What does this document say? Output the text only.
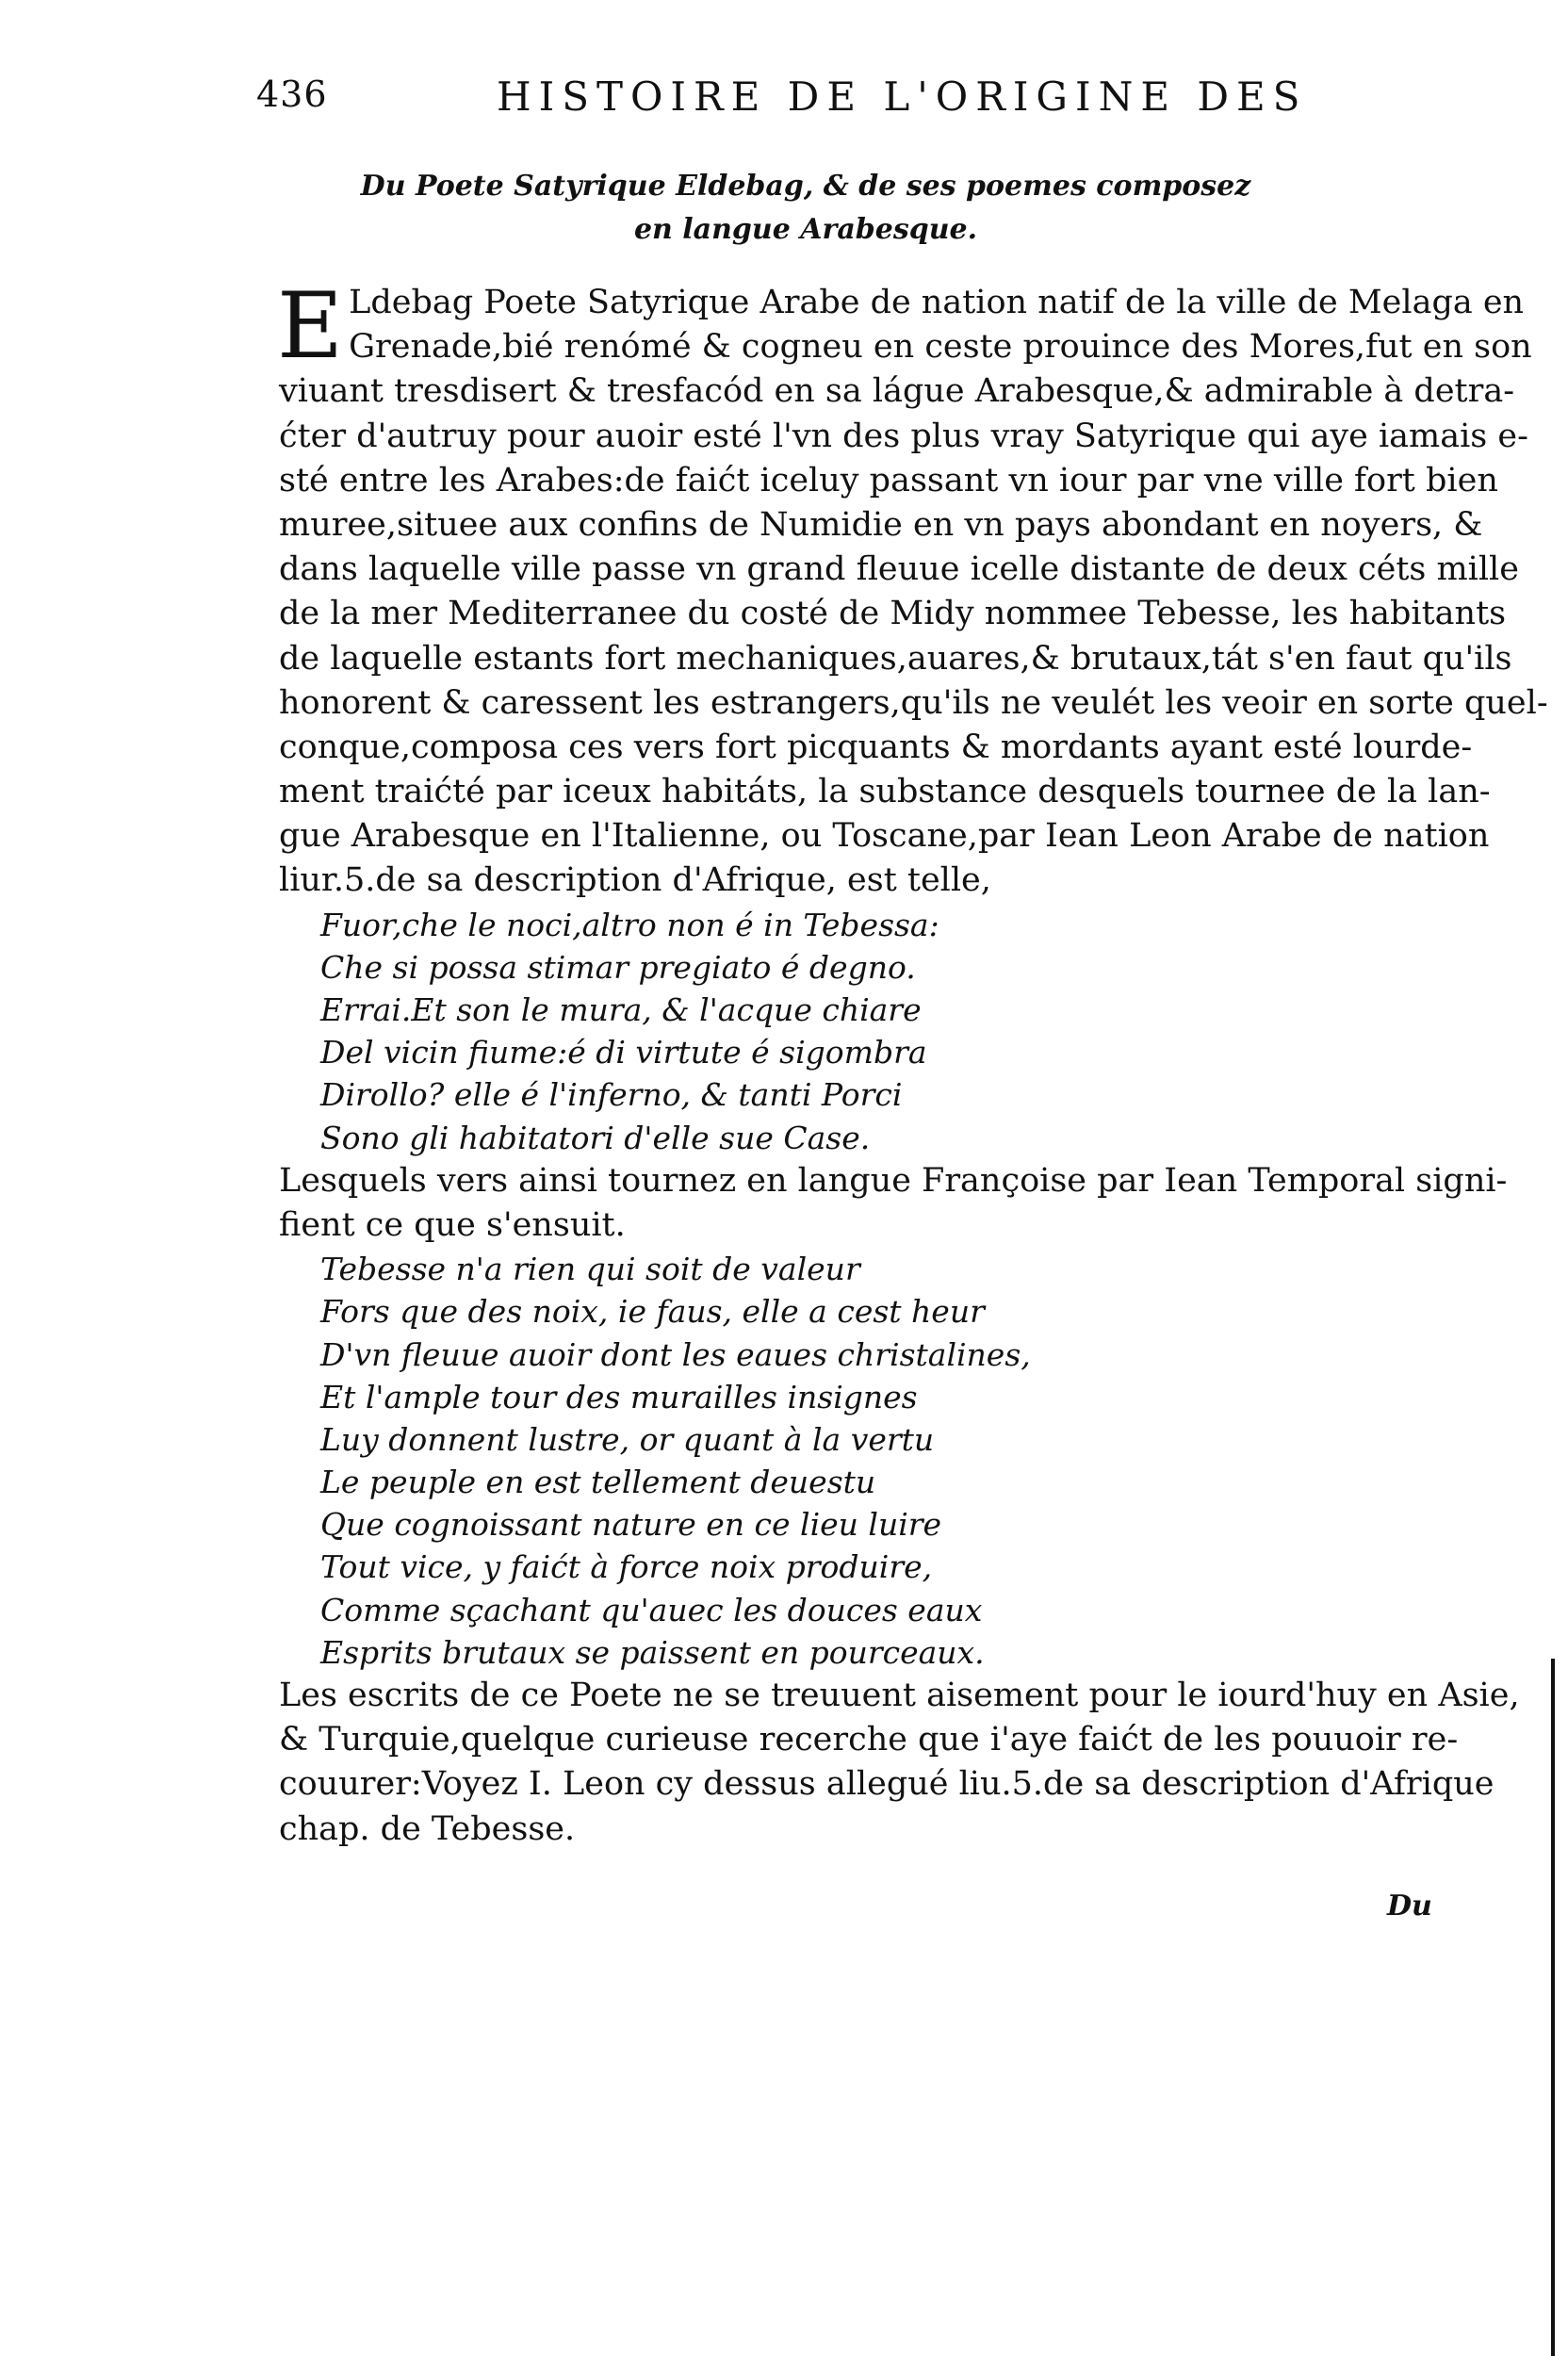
436	HISTOIRE DE L'ORIGINE DES
Du Poete Satyrique Eldebag, & de ses poemes composez
en langue Arabesque.
E Ldebag Poete Satyrique Arabe de nation natif de la ville de Melaga en
Grenade,bié renómé & cogneu en ceste prouince des Mores,fut en son
viuant tresdisert & tresfacód en sa lágue Arabesque,& admirable à detra-
ćter d'autruy pour auoir esté l'vn des plus vray Satyrique qui aye iamais e-
sté entre les Arabes:de faićt iceluy passant vn iour par vne ville fort bien
muree,situee aux confins de Numidie en vn pays abondant en noyers, &
dans laquelle ville passe vn grand fleuue icelle distante de deux céts mille
de la mer Mediterranee du costé de Midy nommee Tebesse, les habitants
de laquelle estants fort mechaniques,auares,& brutaux,tát s'en faut qu'ils
honorent & caressent les estrangers,qu'ils ne veulét les veoir en sorte quel-
conque,composa ces vers fort picquants & mordants ayant esté lourde-
ment traićté par iceux habitáts, la substance desquels tournee de la lan-
gue Arabesque en l'Italienne, ou Toscane,par Iean Leon Arabe de nation
liur.5.de sa description d'Afrique, est telle,
Fuor,che le noci,altro non é in Tebessa:
Che si possa stimar pregiato é degno.
Errai.Et son le mura, & l'acque chiare
Del vicin fiume:é di virtute é sigombra
Dirollo? elle é l'inferno, & tanti Porci
Sono gli habitatori d'elle sue Case.
Lesquels vers ainsi tournez en langue Françoise par Iean Temporal signi-
fient ce que s'ensuit.
Tebesse n'a rien qui soit de valeur
Fors que des noix, ie faus, elle a cest heur
D'vn fleuue auoir dont les eaues christalines,
Et l'ample tour des murailles insignes
Luy donnent lustre, or quant à la vertu
Le peuple en est tellement deuestu
Que cognoissant nature en ce lieu luire
Tout vice, y faićt à force noix produire,
Comme sçachant qu'auec les douces eaux
Esprits brutaux se paissent en pourceaux.
Les escrits de ce Poete ne se treuuent aisement pour le iourd'huy en Asie,
& Turquie,quelque curieuse recerche que i'aye faićt de les pouuoir re-
couurer:Voyez I. Leon cy dessus allegué liu.5.de sa description d'Afrique
chap. de Tebesse.
Du
